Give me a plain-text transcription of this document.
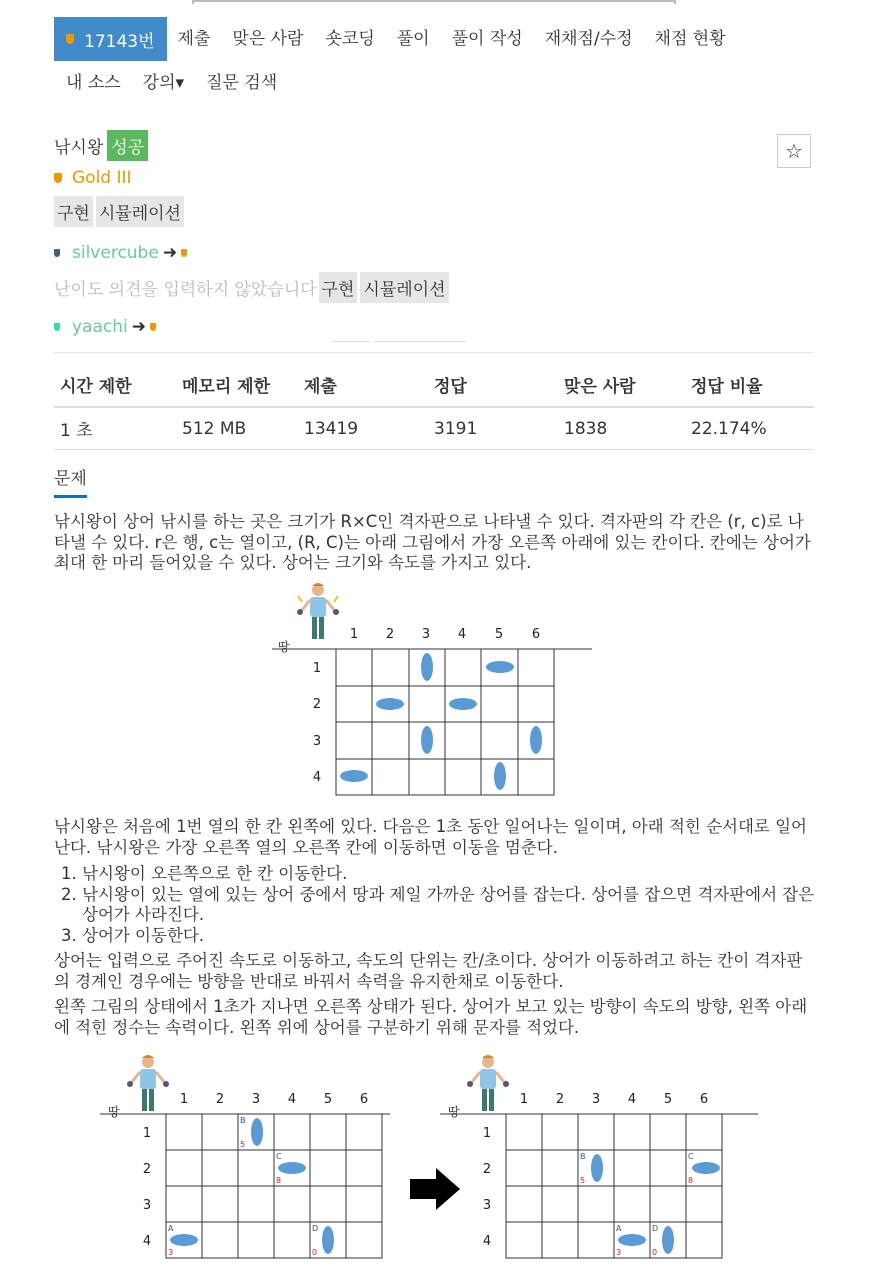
17143번	제출	맞은 사람	숏코딩	풀이	풀이 작성	재채점/수정	채점 현황
내 소스	강의▾	질문 검색
낚시왕 성공	☆
Gold III
구현 시뮬레이션
silvercube ➜
난이도 의견을 입력하지 않았습니다 구현 시뮬레이션
yaachi ➜
시간 제한	메모리 제한	제출	정답	맞은 사람	정답 비율
1 초	512 MB	13419	3191	1838	22.174%
문제

낚시왕이 상어 낚시를 하는 곳은 크기가 R×C인 격자판으로 나타낼 수 있다. 격자판의 각 칸은 (r, c)로 나타낼 수 있다. r은 행, c는 열이고, (R, C)는 아래 그림에서 가장 오른쪽 아래에 있는 칸이다. 칸에는 상어가 최대 한 마리 들어있을 수 있다. 상어는 크기와 속도를 가지고 있다.

땅
1 2 3 4 5 6
1
2
3
4

낚시왕은 처음에 1번 열의 한 칸 왼쪽에 있다. 다음은 1초 동안 일어나는 일이며, 아래 적힌 순서대로 일어난다. 낚시왕은 가장 오른쪽 열의 오른쪽 칸에 이동하면 이동을 멈춘다.

1. 낚시왕이 오른쪽으로 한 칸 이동한다.
2. 낚시왕이 있는 열에 있는 상어 중에서 땅과 제일 가까운 상어를 잡는다. 상어를 잡으면 격자판에서 잡은 상어가 사라진다.
3. 상어가 이동한다.

상어는 입력으로 주어진 속도로 이동하고, 속도의 단위는 칸/초이다. 상어가 이동하려고 하는 칸이 격자판의 경계인 경우에는 방향을 반대로 바꿔서 속력을 유지한채로 이동한다.

왼쪽 그림의 상태에서 1초가 지나면 오른쪽 상태가 된다. 상어가 보고 있는 방향이 속도의 방향, 왼쪽 아래에 적힌 정수는 속력이다. 왼쪽 위에 상어를 구분하기 위해 문자를 적었다.

땅
1 2 3 4 5 6
1
2
3
4
B
5
C
8
A
3
D
0
땅
1 2 3 4 5 6
1
2
3
4
B
5
C
8
A
3
D
0
